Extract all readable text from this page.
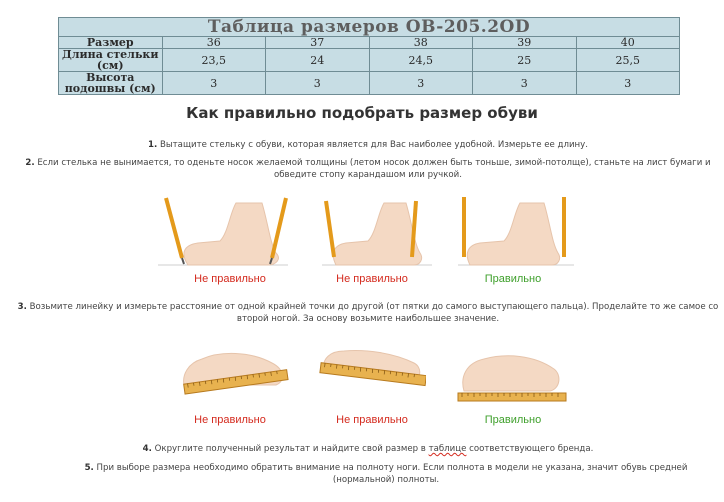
Таблица размеров OB-205.2OD					
Размер	36	37	38	39	40
Длина стельки (см)	23,5	24	24,5	25	25,5
Высота подошвы (см)	3	3	3	3	3
Как правильно подобрать размер обуви
1. Вытащите стельку с обуви, которая является для Вас наиболее удобной. Измерьте ее длину.
2. Если стелька не вынимается, то оденьте носок желаемой толщины (летом носок должен быть тоньше, зимой-потолще), станьте на лист бумаги и обведите стопу карандашом или ручкой.
Не правильно	Не правильно	Правильно
3. Возьмите линейку и измерьте расстояние от одной крайней точки до другой (от пятки до самого выступающего пальца). Проделайте то же самое со второй ногой. За основу возьмите наибольшее значение.
Не правильно	Не правильно	Правильно
4. Округлите полученный результат и найдите свой размер в таблице соответствующего бренда.
5. При выборе размера необходимо обратить внимание на полноту ноги. Если полнота в модели не указана, значит обувь средней (нормальной) полноты.
